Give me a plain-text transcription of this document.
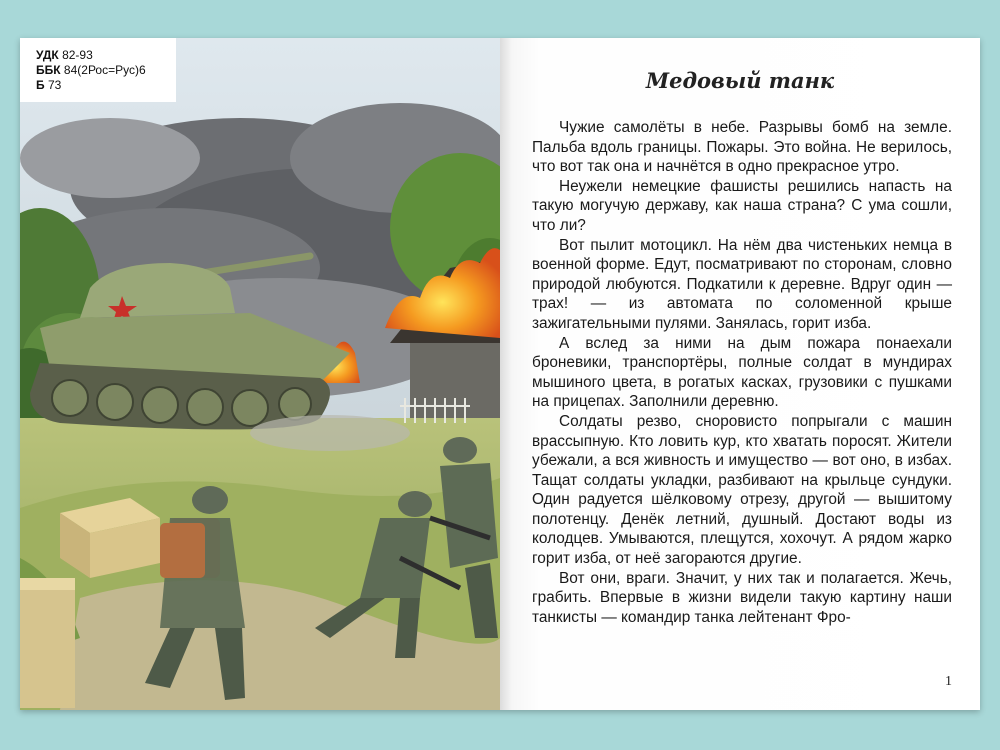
УДК 82-93
ББК 84(2Рос=Рус)6
Б 73	Медовый танк

Чужие самолёты в небе. Разрывы бомб на земле. Пальба вдоль границы. Пожары. Это война. Не верилось, что вот так она и начнётся в одно прекрасное утро.

Неужели немецкие фашисты решились напасть на такую могучую державу, как наша страна? С ума сошли, что ли?

Вот пылит мотоцикл. На нём два чистеньких немца в военной форме. Едут, посматривают по сторонам, словно природой любуются. Подкатили к деревне. Вдруг один — трах! — из автомата по соломенной крыше зажигательными пулями. Занялась, горит изба.

А вслед за ними на дым пожара понаехали броневики, транспортёры, полные солдат в мундирах мышиного цвета, в рогатых касках, грузовики с пушками на прицепах. Заполнили деревню.

Солдаты резво, сноровисто попрыгали с машин врассыпную. Кто ловить кур, кто хватать поросят. Жители убежали, а вся живность и имущество — вот оно, в избах. Тащат солдаты укладки, разбивают на крыльце сундуки. Один радуется шёлковому отрезу, другой — вышитому полотенцу. Денёк летний, душный. Достают воды из колодцев. Умываются, плещутся, хохочут. А рядом жарко горит изба, от неё загораются другие.

Вот они, враги. Значит, у них так и полагается. Жечь, грабить. Впервые в жизни видели такую картину наши танкисты — командир танка лейтенант Фро-

1
